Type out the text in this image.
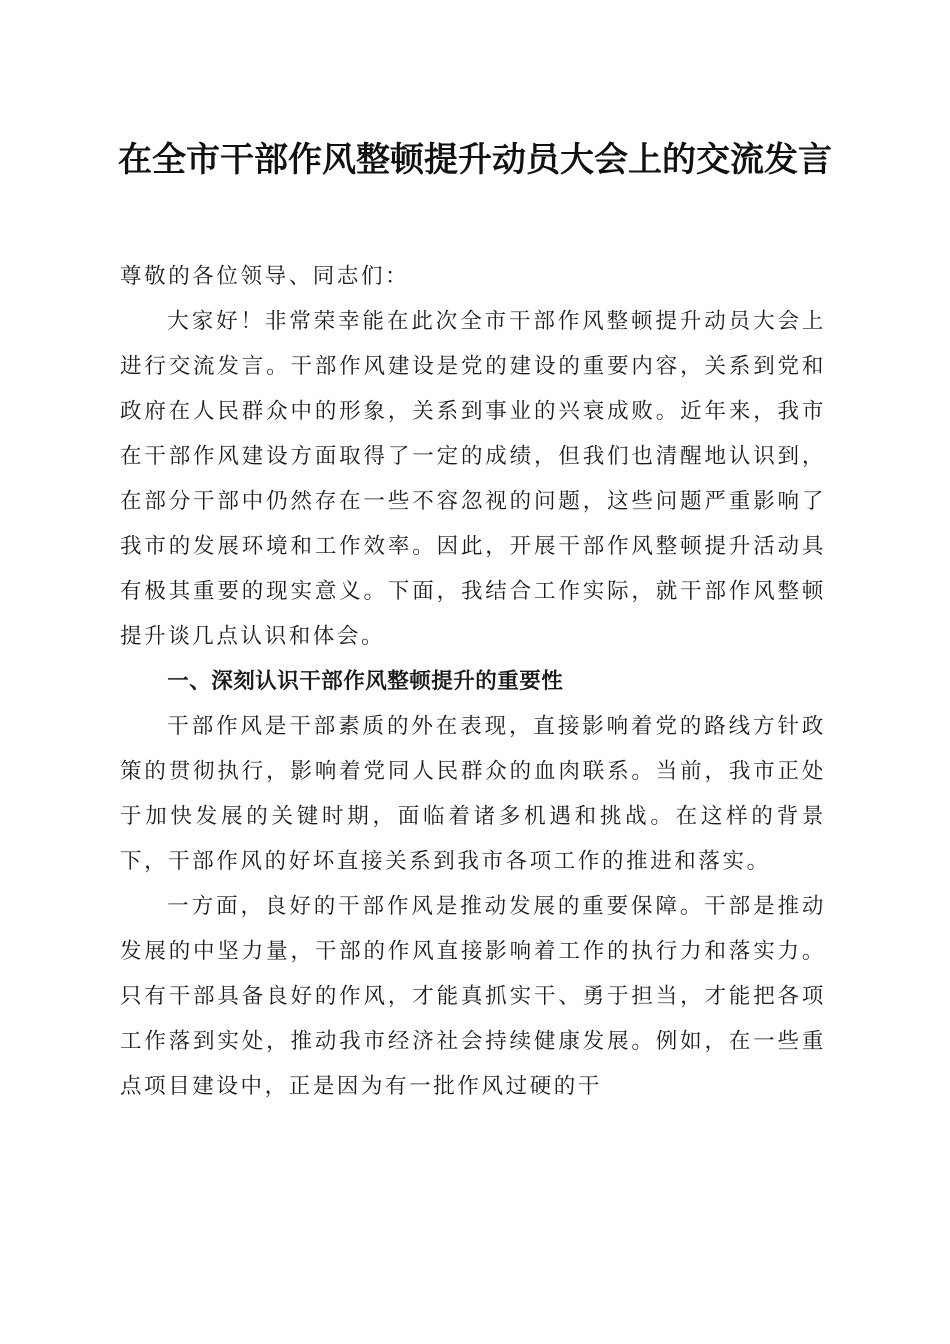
在全市干部作风整顿提升动员大会上的交流发言

尊敬的各位领导、同志们：

大家好！非常荣幸能在此次全市干部作风整顿提升动员大会上进行交流发言。干部作风建设是党的建设的重要内容，关系到党和政府在人民群众中的形象，关系到事业的兴衰成败。近年来，我市在干部作风建设方面取得了一定的成绩，但我们也清醒地认识到，在部分干部中仍然存在一些不容忽视的问题，这些问题严重影响了我市的发展环境和工作效率。因此，开展干部作风整顿提升活动具有极其重要的现实意义。下面，我结合工作实际，就干部作风整顿提升谈几点认识和体会。

一、深刻认识干部作风整顿提升的重要性

干部作风是干部素质的外在表现，直接影响着党的路线方针政策的贯彻执行，影响着党同人民群众的血肉联系。当前，我市正处于加快发展的关键时期，面临着诸多机遇和挑战。在这样的背景下，干部作风的好坏直接关系到我市各项工作的推进和落实。

一方面，良好的干部作风是推动发展的重要保障。干部是推动发展的中坚力量，干部的作风直接影响着工作的执行力和落实力。只有干部具备良好的作风，才能真抓实干、勇于担当，才能把各项工作落到实处，推动我市经济社会持续健康发展。例如，在一些重点项目建设中，正是因为有一批作风过硬的干
